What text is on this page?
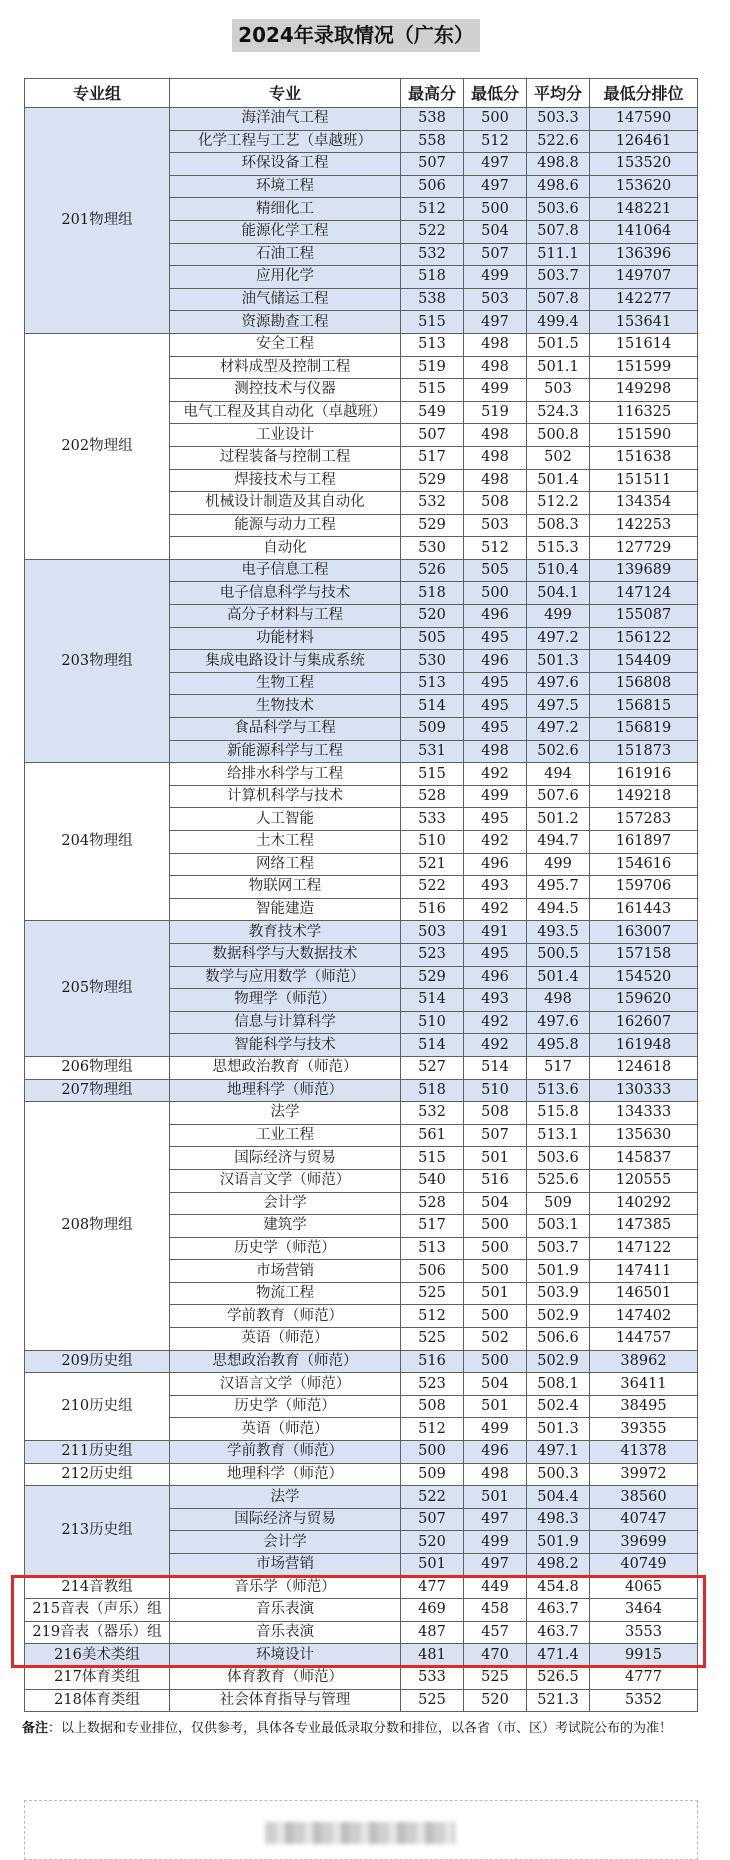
2024年录取情况（广东）
专业组	专业	最高分	最低分	平均分	最低分排位
201物理组	海洋油气工程	538	500	503.3	147590
	化学工程与工艺（卓越班）	558	512	522.6	126461
	环保设备工程	507	497	498.8	153520
	环境工程	506	497	498.6	153620
	精细化工	512	500	503.6	148221
	能源化学工程	522	504	507.8	141064
	石油工程	532	507	511.1	136396
	应用化学	518	499	503.7	149707
	油气储运工程	538	503	507.8	142277
	资源勘查工程	515	497	499.4	153641
202物理组	安全工程	513	498	501.5	151614
	材料成型及控制工程	519	498	501.1	151599
	测控技术与仪器	515	499	503	149298
	电气工程及其自动化（卓越班）	549	519	524.3	116325
	工业设计	507	498	500.8	151590
	过程装备与控制工程	517	498	502	151638
	焊接技术与工程	529	498	501.4	151511
	机械设计制造及其自动化	532	508	512.2	134354
	能源与动力工程	529	503	508.3	142253
	自动化	530	512	515.3	127729
203物理组	电子信息工程	526	505	510.4	139689
	电子信息科学与技术	518	500	504.1	147124
	高分子材料与工程	520	496	499	155087
	功能材料	505	495	497.2	156122
	集成电路设计与集成系统	530	496	501.3	154409
	生物工程	513	495	497.6	156808
	生物技术	514	495	497.5	156815
	食品科学与工程	509	495	497.2	156819
	新能源科学与工程	531	498	502.6	151873
204物理组	给排水科学与工程	515	492	494	161916
	计算机科学与技术	528	499	507.6	149218
	人工智能	533	495	501.2	157283
	土木工程	510	492	494.7	161897
	网络工程	521	496	499	154616
	物联网工程	522	493	495.7	159706
	智能建造	516	492	494.5	161443
205物理组	教育技术学	503	491	493.5	163007
	数据科学与大数据技术	523	495	500.5	157158
	数学与应用数学（师范）	529	496	501.4	154520
	物理学（师范）	514	493	498	159620
	信息与计算科学	510	492	497.6	162607
	智能科学与技术	514	492	495.8	161948
206物理组	思想政治教育（师范）	527	514	517	124618
207物理组	地理科学（师范）	518	510	513.6	130333
208物理组	法学	532	508	515.8	134333
	工业工程	561	507	513.1	135630
	国际经济与贸易	515	501	503.6	145837
	汉语言文学（师范）	540	516	525.6	120555
	会计学	528	504	509	140292
	建筑学	517	500	503.1	147385
	历史学（师范）	513	500	503.7	147122
	市场营销	506	500	501.9	147411
	物流工程	525	501	503.9	146501
	学前教育（师范）	512	500	502.9	147402
	英语（师范）	525	502	506.6	144757
209历史组	思想政治教育（师范）	516	500	502.9	38962
210历史组	汉语言文学（师范）	523	504	508.1	36411
	历史学（师范）	508	501	502.4	38495
	英语（师范）	512	499	501.3	39355
211历史组	学前教育（师范）	500	496	497.1	41378
212历史组	地理科学（师范）	509	498	500.3	39972
213历史组	法学	522	501	504.4	38560
	国际经济与贸易	507	497	498.3	40747
	会计学	520	499	501.9	39699
	市场营销	501	497	498.2	40749
214音教组	音乐学（师范）	477	449	454.8	4065
215音表（声乐）组	音乐表演	469	458	463.7	3464
219音表（器乐）组	音乐表演	487	457	463.7	3553
216美术类组	环境设计	481	470	471.4	9915
217体育类组	体育教育（师范）	533	525	526.5	4777
218体育类组	社会体育指导与管理	525	520	521.3	5352
备注：以上数据和专业排位，仅供参考，具体各专业最低录取分数和排位，以各省（市、区）考试院公布的为准！
